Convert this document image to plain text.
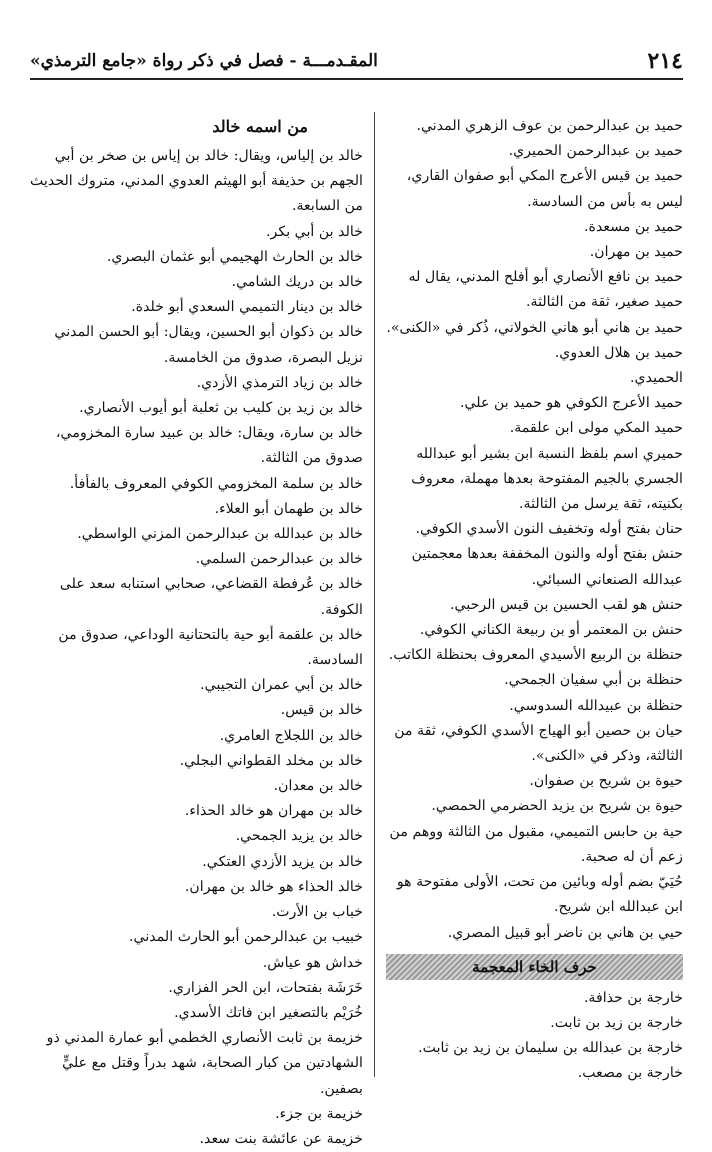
٢١٤
المقـدمـــة - فصل في ذكر رواة «جامع الترمذي»

حميد بن عبدالرحمن بن عوف الزهري المدني.

حميد بن عبدالرحمن الحميري.

حميد بن قيس الأعرج المكي أبو صفوان القاري، ليس به بأس من السادسة.

حميد بن مسعدة.

حميد بن مهران.

حميد بن نافع الأنصاري أبو أفلح المدني، يقال له حميد صغير، ثقة من الثالثة.

حميد بن هاني أبو هاني الخولاني، ذُكر في «الكنى».

حميد بن هلال العدوي.

الحميدي.

حميد الأعرج الكوفي هو حميد بن علي.

حميد المكي مولى ابن علقمة.

حميري اسم بلفظ النسبة ابن بشير أبو عبدالله الجسري بالجيم المفتوحة بعدها مهملة، معروف بكنيته، ثقة يرسل من الثالثة.

حنان بفتح أوله وتخفيف النون الأسدي الكوفي.

حنش بفتح أوله والنون المخففة بعدها معجمتين عبدالله الصنعاني السبائي.

حنش هو لقب الحسين بن قيس الرحبي.

حنش بن المعتمر أو بن ربيعة الكناني الكوفي.

حنظلة بن الربيع الأسيدي المعروف بحنظلة الكاتب.

حنظلة بن أبي سفيان الجمحي.

حنظلة بن عبيدالله السدوسي.

حيان بن حصين أبو الهياج الأسدي الكوفي، ثقة من الثالثة، وذكر في «الكنى».

حيوة بن شريح بن صفوان.

حيوة بن شريح بن يزيد الحضرمي الحمصي.

حية بن حابس التميمي، مقبول من الثالثة ووهم من زعم أن له صحبة.

حُيَيّ بضم أوله وبائين من تحت، الأولى مفتوحة هو ابن عبدالله ابن شريح.

حيي بن هاني بن ناضر أبو قبيل المصري.

حرف الخاء المعجمة

خارجة بن حذافة.

خارجة بن زيد بن ثابت.

خارجة بن عبدالله بن سليمان بن زيد بن ثابت.

خارجة بن مصعب.

من اسمه خالد

خالد بن إلياس، ويقال: خالد بن إياس بن صخر بن أبي الجهم بن حذيفة أبو الهيثم العدوي المدني، متروك الحديث من السابعة.

خالد بن أبي بكر.

خالد بن الحارث الهجيمي أبو عثمان البصري.

خالد بن دريك الشامي.

خالد بن دينار التميمي السعدي أبو خلدة.

خالد بن ذكوان أبو الحسين، ويقال: أبو الحسن المدني نزيل البصرة، صدوق من الخامسة.

خالد بن زياد الترمذي الأزدي.

خالد بن زيد بن كليب بن ثعلبة أبو أيوب الأنصاري.

خالد بن سارة، ويقال: خالد بن عبيد سارة المخزومي، صدوق من الثالثة.

خالد بن سلمة المخزومي الكوفي المعروف بالفأفأ.

خالد بن طهمان أبو العلاء.

خالد بن عبدالله بن عبدالرحمن المزني الواسطي.

خالد بن عبدالرحمن السلمي.

خالد بن عُرفطة القضاعي، صحابي استنابه سعد على الكوفة.

خالد بن علقمة أبو حية بالتحتانية الوداعي، صدوق من السادسة.

خالد بن أبي عمران التجيبي.

خالد بن قيس.

خالد بن اللجلاج العامري.

خالد بن مخلد القطواني البجلي.

خالد بن معدان.

خالد بن مهران هو خالد الحذاء.

خالد بن يزيد الجمحي.

خالد بن يزيد الأزدي العتكي.

خالد الحذاء هو خالد بن مهران.

خباب بن الأرت.

خبيب بن عبدالرحمن أبو الحارث المدني.

خداش هو عياش.

خَرَشَة بفتحات، ابن الحر الفزاري.

خُرَيْم بالتصغير ابن فاتك الأسدي.

خزيمة بن ثابت الأنصاري الخطمي أبو عمارة المدني ذو الشهادتين من كبار الصحابة، شهد بدراً وقتل مع عليٍّ بصفين.

خزيمة بن جزء.

خزيمة عن عائشة بنت سعد.
